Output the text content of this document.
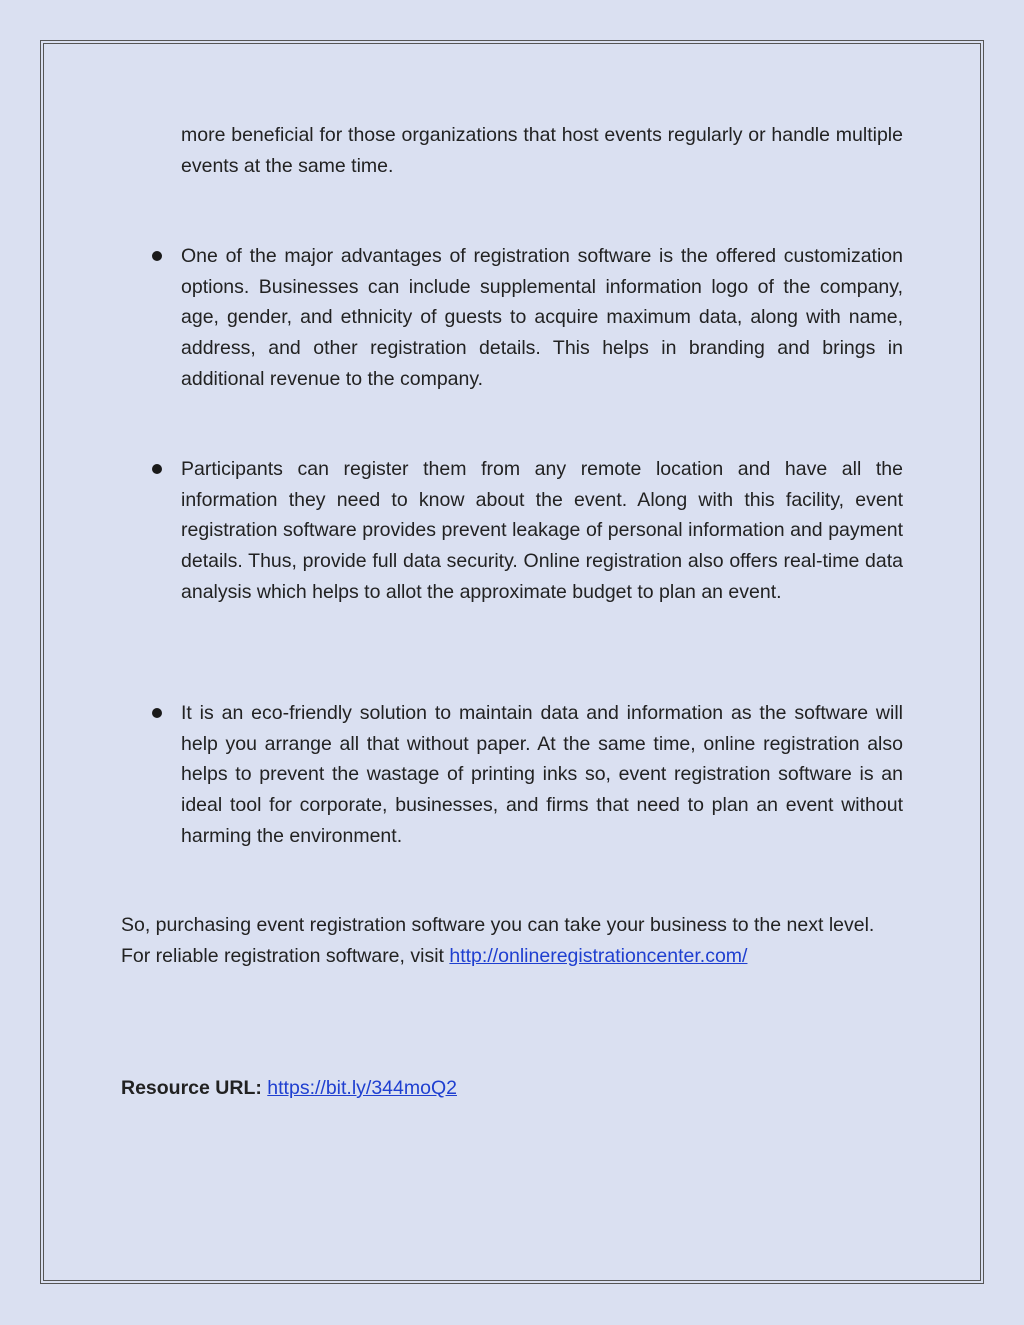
more beneficial for those organizations that host events regularly or handle multiple events at the same time.
One of the major advantages of registration software is the offered customization options. Businesses can include supplemental information logo of the company, age, gender, and ethnicity of guests to acquire maximum data, along with name, address, and other registration details. This helps in branding and brings in additional revenue to the company.
Participants can register them from any remote location and have all the information they need to know about the event. Along with this facility, event registration software provides prevent leakage of personal information and payment details. Thus, provide full data security. Online registration also offers real-time data analysis which helps to allot the approximate budget to plan an event.
It is an eco-friendly solution to maintain data and information as the software will help you arrange all that without paper. At the same time, online registration also helps to prevent the wastage of printing inks so, event registration software is an ideal tool for corporate, businesses, and firms that need to plan an event without harming the environment.
So, purchasing event registration software you can take your business to the next level. For reliable registration software, visit http://onlineregistrationcenter.com/
Resource URL: https://bit.ly/344moQ2
